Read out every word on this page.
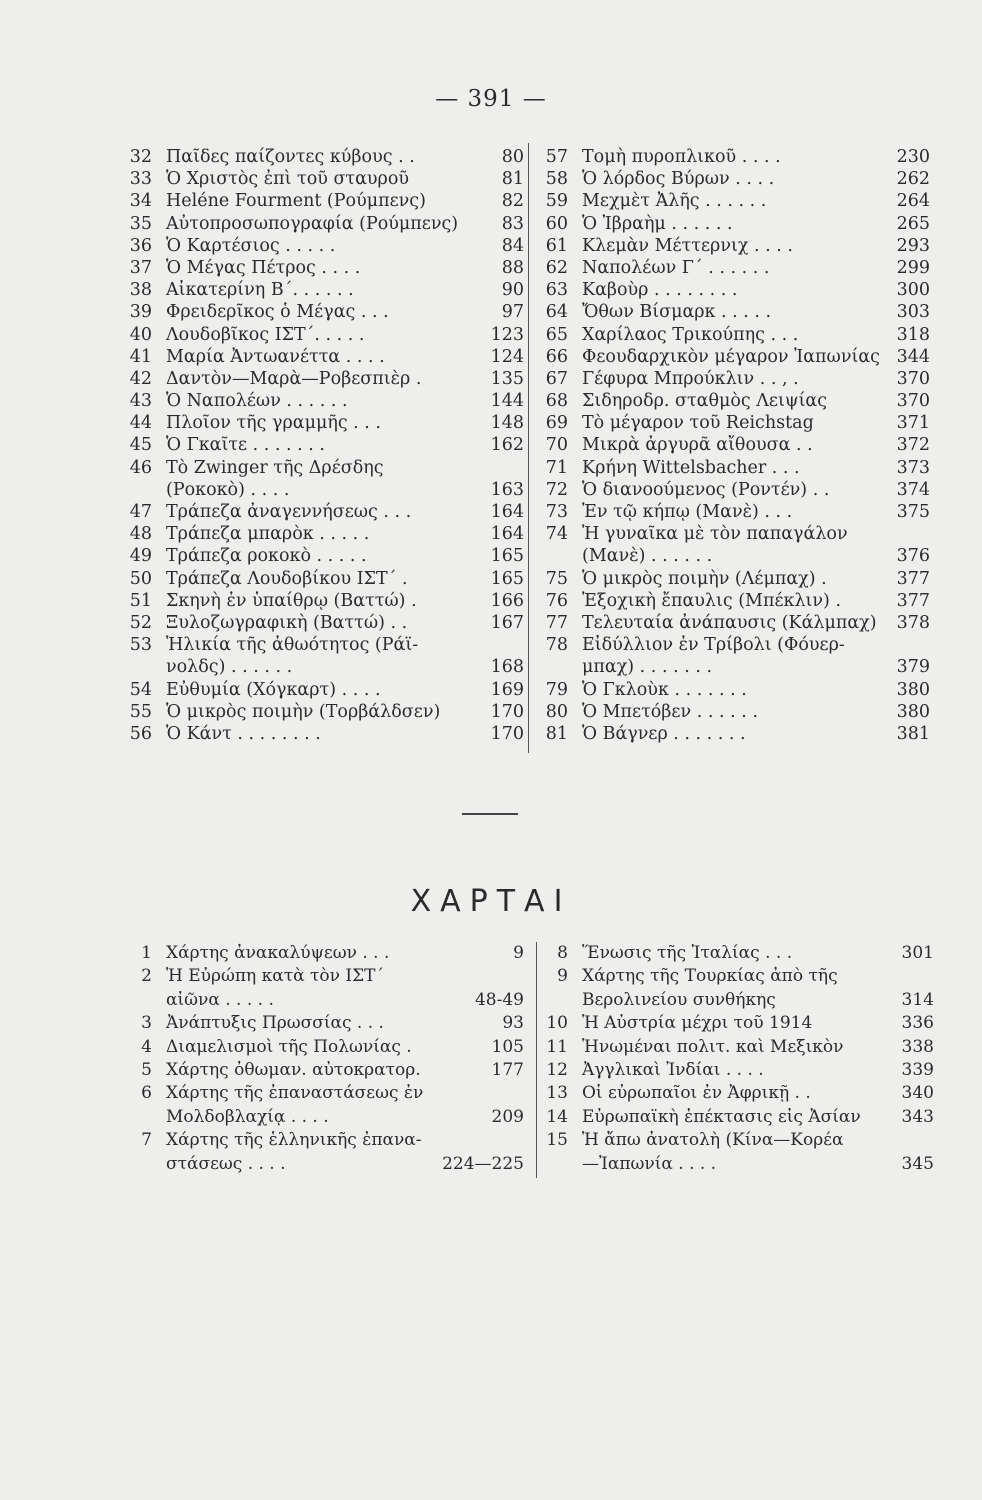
— 391 —
32 Παῖδες παίζοντες κύβους . .	80
33 Ὁ Χριστὸς ἐπὶ τοῦ σταυροῦ	81
34 Heléne Fourment (Ρούμπενς)	82
35 Αὐτοπροσωπογραφία (Ρούμπενς) 83
36 Ὁ Καρτέσιος . . . . .	84
37 Ὁ Μέγας Πέτρος . . . .	88
38 Αἰκατερίνη Β΄. . . . . .	90
39 Φρειδερῖκος ὁ Μέγας . . .	97
40 Λουδοβῖκος ΙΣΤ΄. . . . .	123
41 Μαρία Ἀντωανέττα . . . .	124
42 Δαντὸν—Μαρὰ—Ροβεσπιὲρ .	135
43 Ὁ Ναπολέων . . . . . .	144
44 Πλοῖον τῆς γραμμῆς . . .	148
45 Ὁ Γκαῖτε . . . . . . .	162
46 Τὸ Zwinger τῆς Δρέσδης
(Ροκοκὸ) . . . .	163
47 Τράπεζα ἀναγεννήσεως . . .	164
48 Τράπεζα μπαρὸκ . . . . .	164
49 Τράπεζα ροκοκὸ . . . . .	165
50 Τράπεζα Λουδοβίκου ΙΣΤ΄ .	165
51 Σκηνὴ ἐν ὑπαίθρῳ (Βαττώ) .	166
52 Ξυλοζωγραφικὴ (Βαττώ) . .	167
53 Ἡλικία τῆς ἀθωότητος (Ράϊ-
νολδς) . . . . . .	168
54 Εὐθυμία (Χόγκαρτ) . . . .	169
55 Ὁ μικρὸς ποιμὴν (Τορβάλδσεν)	170
56 Ὁ Κάντ . . . . . . . .	170
57 Τομὴ πυροπλικοῦ . . . .	230
58 Ὁ λόρδος Βύρων . . . .	262
59 Μεχμὲτ Ἀλῆς . . . . . .	264
60 Ὁ Ἰβραὴμ . . . . . .	265
61 Κλεμὰν Μέττερνιχ . . . .	293
62 Ναπολέων Γ΄ . . . . . .	299
63 Καβοὺρ . . . . . . . .	300
64 Ὄθων Βίσμαρκ . . . . .	303
65 Χαρίλαος Τρικούπης . . .	318
66 Φεουδαρχικὸν μέγαρον Ἰαπωνίας 344
67 Γέφυρα Μπρούκλιν . . , .	370
68 Σιδηροδρ. σταθμὸς Λειψίας	370
69 Τὸ μέγαρον τοῦ Reichstag	371
70 Μικρὰ ἀργυρᾶ αἴθουσα . .	372
71 Κρήνη Wittelsbacher . . .	373
72 Ὁ διανοούμενος (Ροντέν) . .	374
73 Ἐν τῷ κήπῳ (Μανὲ) . . .	375
74 Ἡ γυναῖκα μὲ τὸν παπαγάλον
(Μανὲ) . . . . . .	376
75 Ὁ μικρὸς ποιμὴν (Λέμπαχ) .	377
76 Ἐξοχικὴ ἔπαυλις (Μπέκλιν) .	377
77 Τελευταία ἀνάπαυσις (Κάλμπαχ) 378
78 Εἰδύλλιον ἐν Τρίβολι (Φόυερ-
μπαχ) . . . . . . .	379
79 Ὁ Γκλοὺκ . . . . . . .	380
80 Ὁ Μπετόβεν . . . . . .	380
81 Ὁ Βάγνερ . . . . . . .	381
ΧΑΡΤΑΙ
1 Χάρτης ἀνακαλύψεων . . .	9
2 Ἡ Εὐρώπη κατὰ τὸν ΙΣΤ΄
αἰῶνα . . . . .	48-49
3 Ἀνάπτυξις Πρωσσίας . . .	93
4 Διαμελισμοὶ τῆς Πολωνίας .	105
5 Χάρτης ὀθωμαν. αὐτοκρατορ.	177
6 Χάρτης τῆς ἐπαναστάσεως ἐν
Μολδοβλαχίᾳ . . . .	209
7 Χάρτης τῆς ἑλληνικῆς ἐπανα-
στάσεως . . . .	224—225
8 Ἕνωσις τῆς Ἰταλίας . . .	301
9 Χάρτης τῆς Τουρκίας ἀπὸ τῆς
Βερολινείου συνθήκης	314
10 Ἡ Αὐστρία μέχρι τοῦ 1914	336
11 Ἡνωμέναι πολιτ. καὶ Μεξικὸν	338
12 Ἀγγλικαὶ Ἰνδίαι . . . .	339
13 Οἱ εὐρωπαῖοι ἐν Ἀφρικῇ . .	340
14 Εὐρωπαϊκὴ ἐπέκτασις εἰς Ἀσίαν 343
15 Ἡ ἄπω ἀνατολὴ (Κίνα—Κορέα
—Ἰαπωνία . . . .	345
